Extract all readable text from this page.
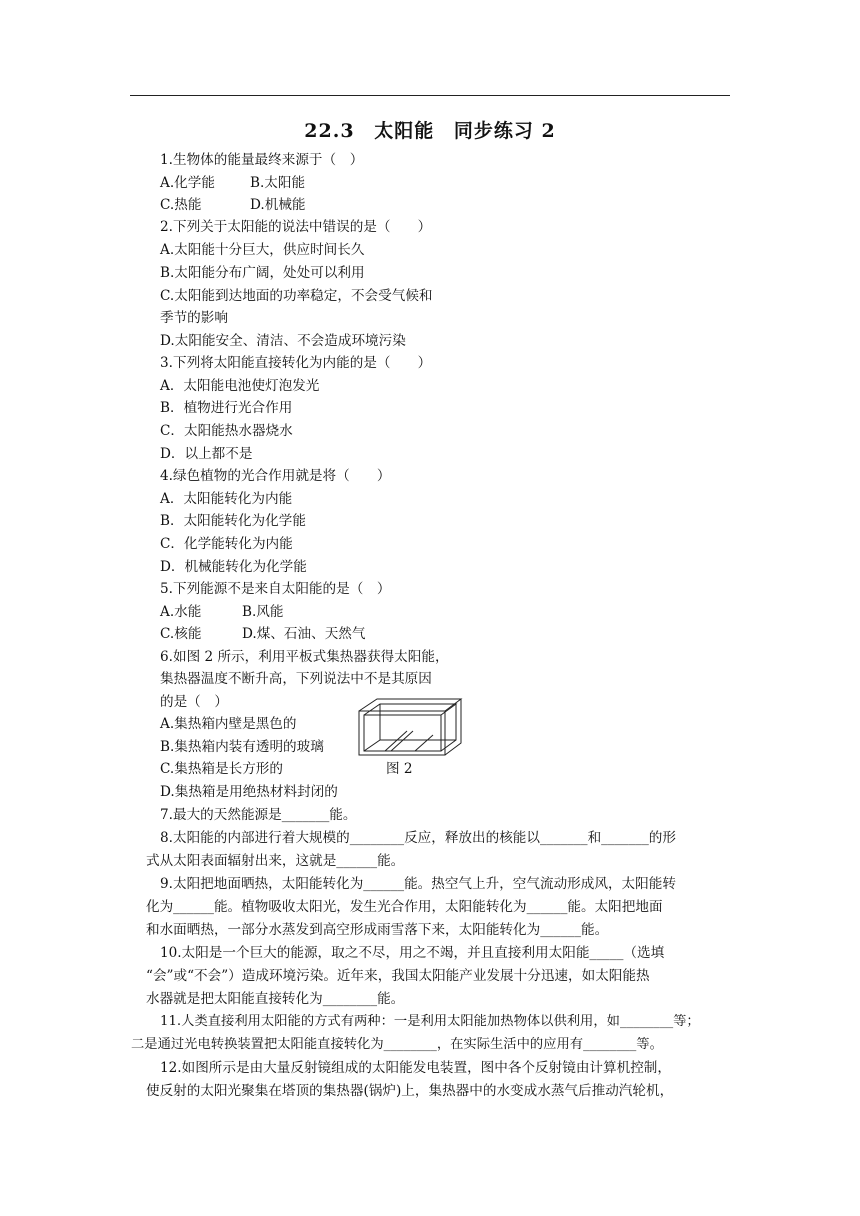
22.3 太阳能 同步练习 2
1.生物体的能量最终来源于（　）
A.化学能	B.太阳能
C.热能	D.机械能
2.下列关于太阳能的说法中错误的是（　　）
A.太阳能十分巨大，供应时间长久
B.太阳能分布广阔，处处可以利用
C.太阳能到达地面的功率稳定，不会受气候和
季节的影响
D.太阳能安全、清洁、不会造成环境污染
3.下列将太阳能直接转化为内能的是（　　）
A．太阳能电池使灯泡发光
B．植物进行光合作用
C．太阳能热水器烧水
D．以上都不是
4.绿色植物的光合作用就是将（　　）
A．太阳能转化为内能
B．太阳能转化为化学能
C．化学能转化为内能
D．机械能转化为化学能
5.下列能源不是来自太阳能的是（　）
A.水能	B.风能
C.核能	D.煤、石油、天然气
6.如图 2 所示，利用平板式集热器获得太阳能，
集热器温度不断升高，下列说法中不是其原因
的是（　）
A.集热箱内壁是黑色的
B.集热箱内装有透明的玻璃
C.集热箱是长方形的
D.集热箱是用绝热材料封闭的
图 2
7.最大的天然能源是_______能。
8.太阳能的内部进行着大规模的________反应，释放出的核能以_______和_______的形
式从太阳表面辐射出来，这就是______能。
9.太阳把地面晒热，太阳能转化为______能。热空气上升，空气流动形成风，太阳能转
化为______能。植物吸收太阳光，发生光合作用，太阳能转化为______能。太阳把地面
和水面晒热，一部分水蒸发到高空形成雨雪落下来，太阳能转化为______能。
10.太阳是一个巨大的能源，取之不尽，用之不竭，并且直接利用太阳能_____（选填
“会”或“不会”）造成环境污染。近年来，我国太阳能产业发展十分迅速，如太阳能热
水器就是把太阳能直接转化为________能。
11.人类直接利用太阳能的方式有两种：一是利用太阳能加热物体以供利用，如________等；
二是通过光电转换装置把太阳能直接转化为________，在实际生活中的应用有________等。
12.如图所示是由大量反射镜组成的太阳能发电装置，图中各个反射镜由计算机控制，
使反射的太阳光聚集在塔顶的集热器(锅炉)上，集热器中的水变成水蒸气后推动汽轮机，
